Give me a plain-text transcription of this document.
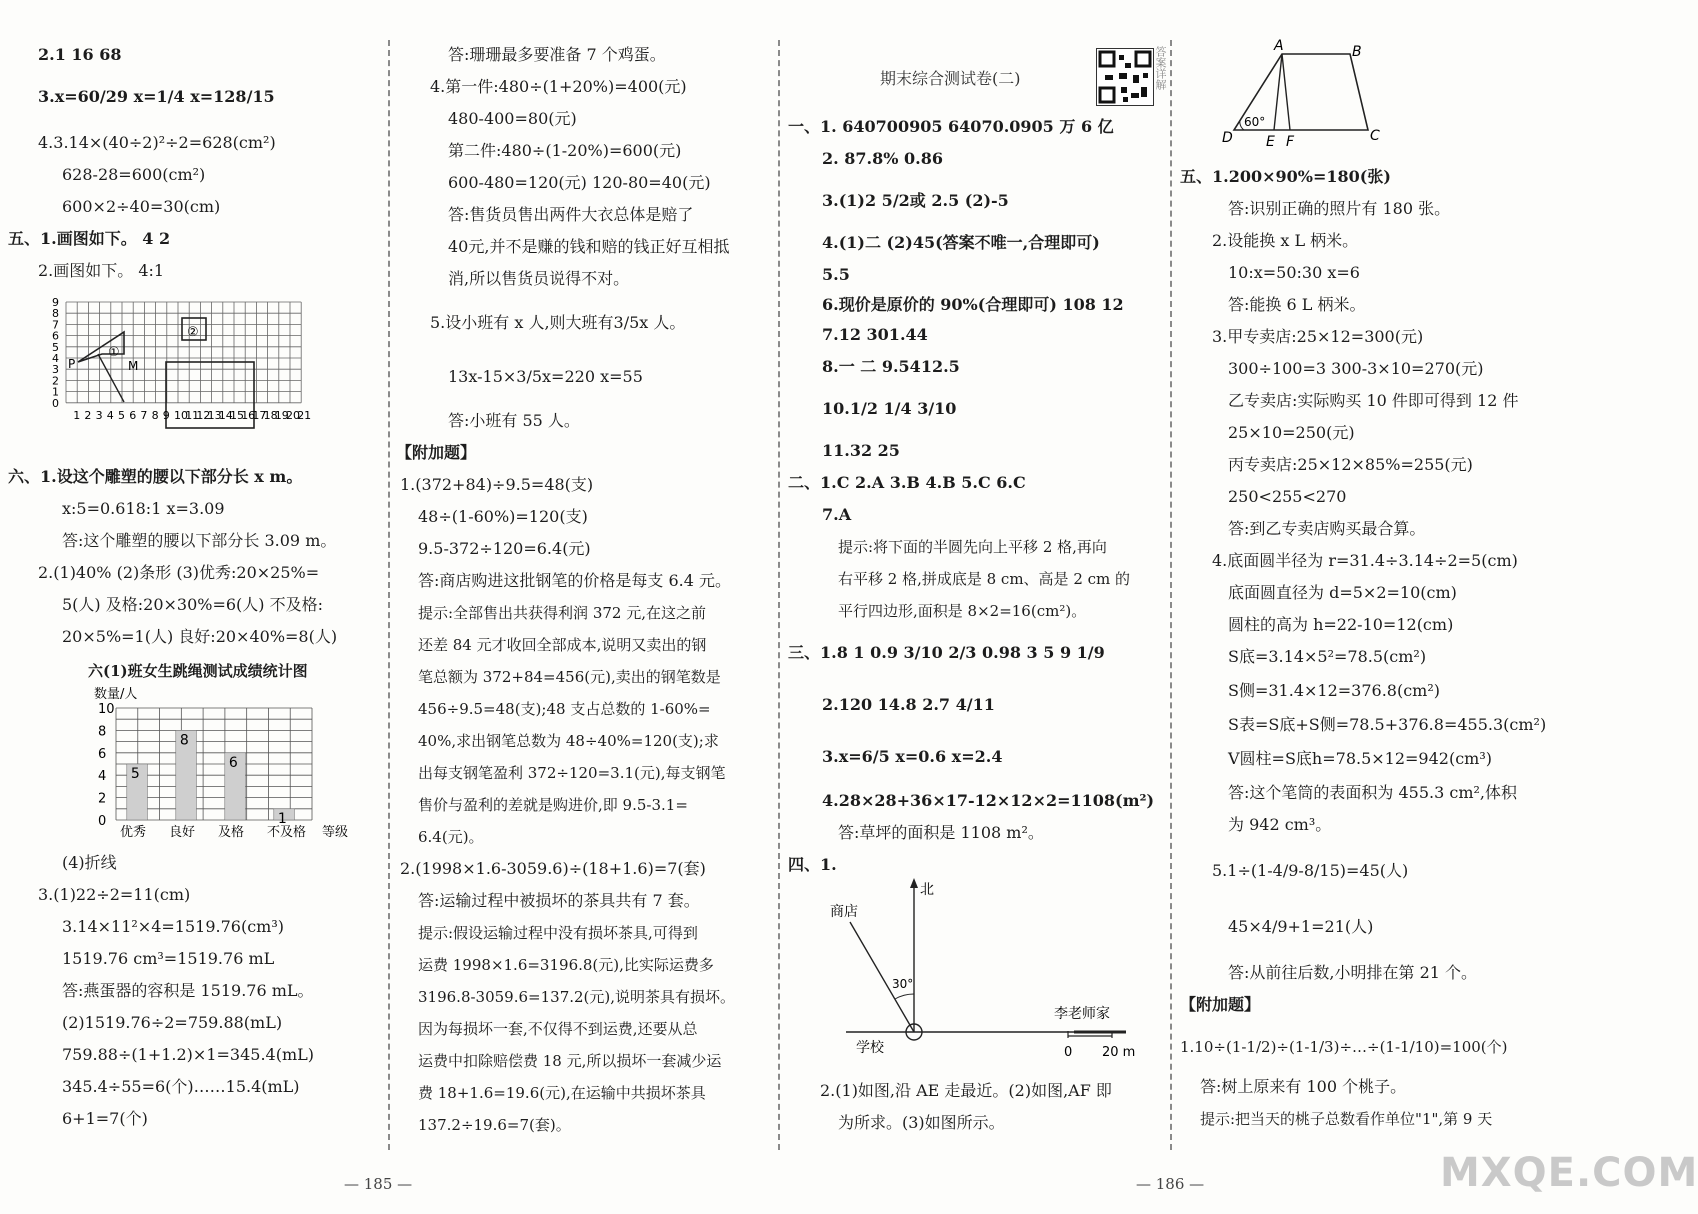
2.1 16 68
3.x=60/29 x=1/4 x=128/15
4.3.14×(40÷2)²÷2=628(cm²)
628-28=600(cm²)
600×2÷40=30(cm)
五、1.画图如下。 4 2
2.画图如下。 4:1
P	M
①
②
1 2 3 4 5 6 7 8 9 10
11
12
13
14
15
16
17
18
19
20
21
0
1
2
3
4
5
6
7
8
9
六、1.设这个雕塑的腰以下部分长 x m。
x:5=0.618:1 x=3.09
答:这个雕塑的腰以下部分长 3.09 m。
2.(1)40% (2)条形 (3)优秀:20×25%=
5(人) 及格:20×30%=6(人) 不及格:
20×5%=1(人) 良好:20×40%=8(人)
六(1)班女生跳绳测试成绩统计图
数量/人
5
8
6
1
0
2
4
6
8
10
优秀 良好 及格 不及格 等级
(4)折线
3.(1)22÷2=11(cm)
3.14×11²×4=1519.76(cm³)
1519.76 cm³=1519.76 mL
答:燕蛋器的容积是 1519.76 mL。
(2)1519.76÷2=759.88(mL)
759.88÷(1+1.2)×1=345.4(mL)
345.4÷55=6(个)……15.4(mL)
6+1=7(个)
答:珊珊最多要准备 7 个鸡蛋。
4.第一件:480÷(1+20%)=400(元)
480-400=80(元)
第二件:480÷(1-20%)=600(元)
600-480=120(元) 120-80=40(元)
答:售货员售出两件大衣总体是赔了
40元,并不是赚的钱和赔的钱正好互相抵
消,所以售货员说得不对。
5.设小班有 x 人,则大班有3/5x 人。
13x-15×3/5x=220 x=55
答:小班有 55 人。
【附加题】
1.(372+84)÷9.5=48(支)
48÷(1-60%)=120(支)
9.5-372÷120=6.4(元)
答:商店购进这批钢笔的价格是每支 6.4 元。
提示:全部售出共获得利润 372 元,在这之前
还差 84 元才收回全部成本,说明又卖出的钢
笔总额为 372+84=456(元),卖出的钢笔数是
456÷9.5=48(支);48 支占总数的 1-60%=
40%,求出钢笔总数为 48÷40%=120(支);求
出每支钢笔盈利 372÷120=3.1(元),每支钢笔
售价与盈利的差就是购进价,即 9.5-3.1=
6.4(元)。
2.(1998×1.6-3059.6)÷(18+1.6)=7(套)
答:运输过程中被损坏的茶具共有 7 套。
提示:假设运输过程中没有损坏茶具,可得到
运费 1998×1.6=3196.8(元),比实际运费多
3196.8-3059.6=137.2(元),说明茶具有损坏。
因为每损坏一套,不仅得不到运费,还要从总
运费中扣除赔偿费 18 元,所以损坏一套减少运
费 18+1.6=19.6(元),在运输中共损坏茶具
137.2÷19.6=7(套)。
期末综合测试卷(二)	答案详解
一、1. 640700905 64070.0905 万 6 亿
2. 87.8% 0.86
3.(1)2 5/2或 2.5 (2)-5
4.(1)二 (2)45(答案不唯一,合理即可)
5.5
6.现价是原价的 90%(合理即可) 108 12
7.12 301.44
8.一 二 9.5412.5
10.1/2 1/4 3/10
11.32 25
二、1.C 2.A 3.B 4.B 5.C 6.C
7.A
提示:将下面的半圆先向上平移 2 格,再向
右平移 2 格,拼成底是 8 cm、高是 2 cm 的
平行四边形,面积是 8×2=16(cm²)。
三、1.8 1 0.9 3/10 2/3 0.98 3 5 9 1/9
2.120 14.8 2.7 4/11
3.x=6/5 x=0.6 x=2.4
4.28×28+36×17-12×12×2=1108(m²)
答:草坪的面积是 1108 m²。
四、1.
北
30°
商店
学校
李老师家
0 20 m
2.(1)如图,沿 AE 走最近。(2)如图,AF 即
为所求。(3)如图所示。
A	B
C
D E F
60°
五、1.200×90%=180(张)
答:识别正确的照片有 180 张。
2.设能换 x L 柄米。
10:x=50:30 x=6
答:能换 6 L 柄米。
3.甲专卖店:25×12=300(元)
300÷100=3 300-3×10=270(元)
乙专卖店:实际购买 10 件即可得到 12 件
25×10=250(元)
丙专卖店:25×12×85%=255(元)
250<255<270
答:到乙专卖店购买最合算。
4.底面圆半径为 r=31.4÷3.14÷2=5(cm)
底面圆直径为 d=5×2=10(cm)
圆柱的高为 h=22-10=12(cm)
S底=3.14×5²=78.5(cm²)
S侧=31.4×12=376.8(cm²)
S表=S底+S侧=78.5+376.8=455.3(cm²)
V圆柱=S底h=78.5×12=942(cm³)
答:这个笔筒的表面积为 455.3 cm²,体积
为 942 cm³。
5.1÷(1-4/9-8/15)=45(人)
45×4/9+1=21(人)
答:从前往后数,小明排在第 21 个。
【附加题】
1.10÷(1-1/2)÷(1-1/3)÷…÷(1-1/10)=100(个)
答:树上原来有 100 个桃子。
提示:把当天的桃子总数看作单位"1",第 9 天
— 185 —	— 186 —	MXQE.COM
